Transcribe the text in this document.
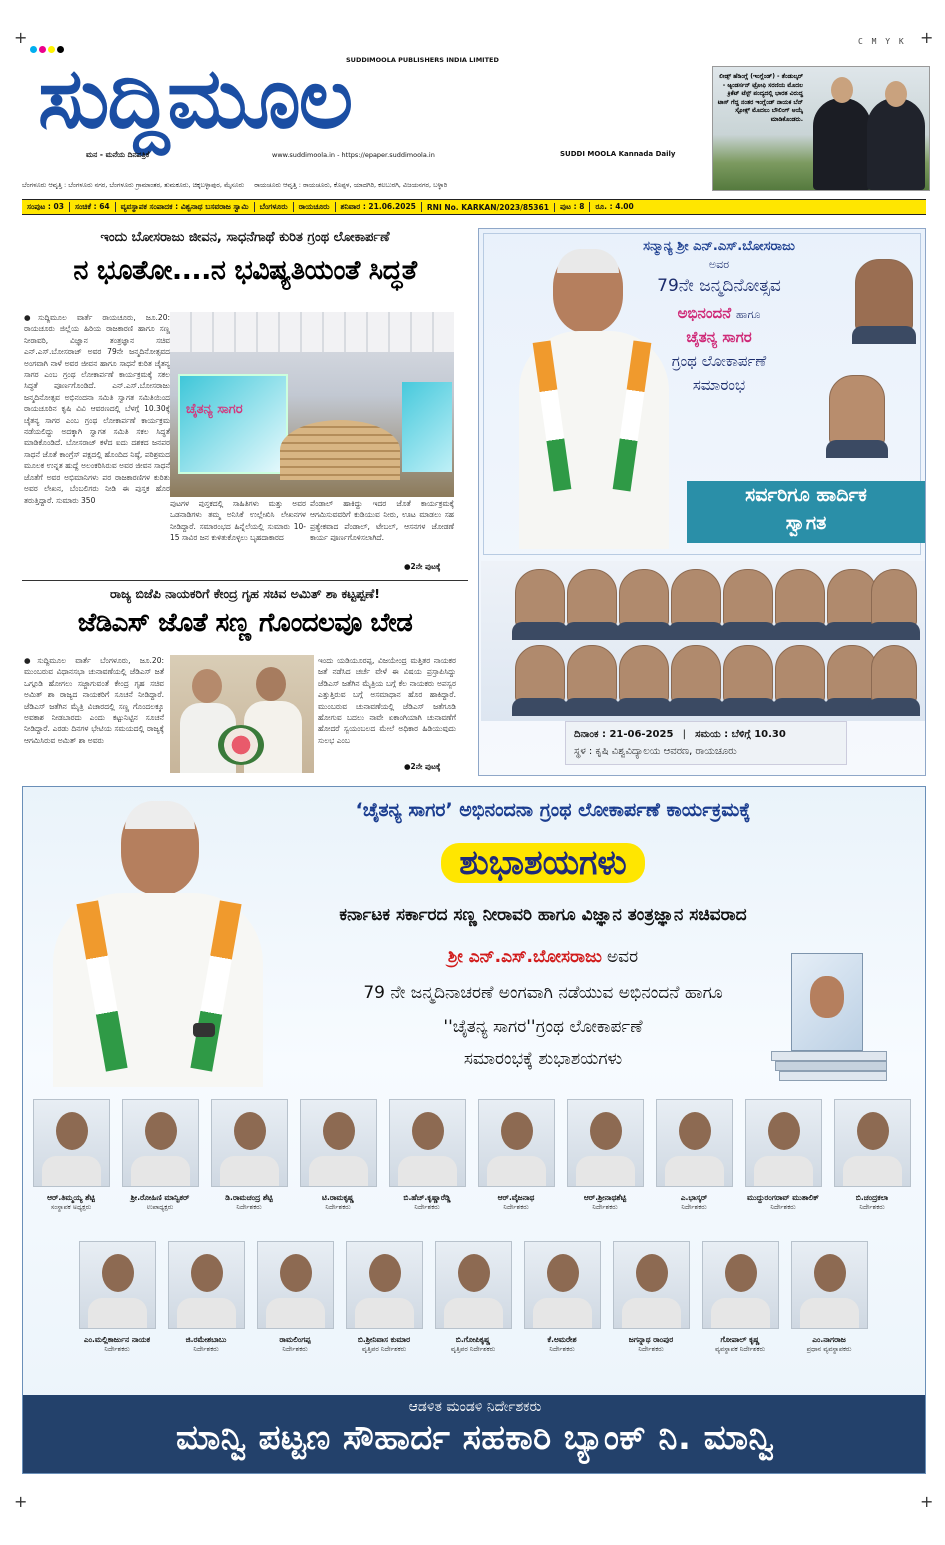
+	+
+	+
C M Y K
SUDDIMOOLA PUBLISHERS INDIA LIMITED
ಸುದ್ದಿಮೂಲ
ಮನ - ಮನೆಯ ದಿನಪತ್ರಿಕೆ	www.suddimoola.in - https://epaper.suddimoola.in	SUDDI MOOLA Kannada Daily
ಲೀಡ್ಸ್ ಹೆಡಿಂಗ್ಲೆ (ಇಂಗ್ಲೆಂಡ್) - ತೆಂಡುಲ್ಕರ್ - ಆ್ಯಂಡರ್ಸನ್ ಟ್ರೋಫಿ ಸರಣಿಯ ಮೊದಲ ಕ್ರಿಕೆಟ್ ಟೆಸ್ಟ್ ಪಂದ್ಯದಲ್ಲಿ ಭಾರತ ವಿರುದ್ಧ ಟಾಸ್ ಗೆದ್ದ ನಂತರ ಇಂಗ್ಲೆಂಡ್ ನಾಯಕ ಬೆನ್ ಸ್ಟೋಕ್ಸ್ ಮೊದಲು ಬೌಲಿಂಗ್ ಆಯ್ಕೆ ಮಾಡಿಕೊಂಡರು.
ಬೆಂಗಳೂರು ಆವೃತ್ತಿ : ಬೆಂಗಳೂರು ನಗರ, ಬೆಂಗಳೂರು ಗ್ರಾಮಾಂತರ, ತುಮಕೂರು, ಚಿಕ್ಕಬಳ್ಳಾಪುರ, ಮೈಸೂರು ರಾಯಚೂರು ಆವೃತ್ತಿ : ರಾಯಚೂರು, ಕೊಪ್ಪಳ, ಯಾದಗಿರಿ, ಕಲಬುರಗಿ, ವಿಜಯನಗರ, ಬಳ್ಳಾರಿ
ಸಂಪುಟ : 03	ಸಂಚಿಕೆ : 64	ವ್ಯವಸ್ಥಾಪಕ ಸಂಪಾದಕ : ವಿಶ್ವನಾಥ ಬಸವರಾಜ ಸ್ವಾಮಿ	ಬೆಂಗಳೂರು	ರಾಯಚೂರು	ಶನಿವಾರ : 21.06.2025	RNI No. KARKAN/2023/85361	ಪುಟ : 8	ರೂ. : 4.00
ಇಂದು ಬೋಸರಾಜು ಜೀವನ, ಸಾಧನೆಗಾಥೆ ಕುರಿತ ಗ್ರಂಥ ಲೋಕಾರ್ಪಣೆ
ನ ಭೂತೋ....ನ ಭವಿಷ್ಯತಿಯಂತೆ ಸಿದ್ಧತೆ
●ಸುದ್ದಿಮೂಲ ವಾರ್ತೆ ರಾಯಚೂರು, ಜೂ.20: ರಾಯಚೂರು ಜಿಲ್ಲೆಯ ಹಿರಿಯ ರಾಜಕಾರಣಿ ಹಾಗೂ ಸಣ್ಣ ನೀರಾವರಿ, ವಿಜ್ಞಾನ ತಂತ್ರಜ್ಞಾನ ಸಚಿವ ಎನ್.ಎಸ್.ಬೋಸರಾಜ್ ಅವರ 79ನೇ ಜನ್ಮದಿನೋತ್ಸವದ ಅಂಗವಾಗಿ ನಾಳೆ ಅವರ ಜೀವನ ಹಾಗೂ ಸಾಧನೆ ಕುರಿತ ಚೈತನ್ಯ ಸಾಗರ ಎಂಬ ಗ್ರಂಥ ಲೋಕಾರ್ಪಣೆ ಕಾರ್ಯಕ್ರಮಕ್ಕೆ ಸಕಲ ಸಿದ್ಧತೆ ಪೂರ್ಣಗೊಂಡಿದೆ. ಎನ್.ಎಸ್.ಬೋಸರಾಜು ಜನ್ಮದಿನೋತ್ಸವ ಅಭಿನಂದನಾ ಸಮಿತಿ ಸ್ವಾಗತ ಸಮಿತಿಯಿಂದ ರಾಯಚೂರಿನ ಕೃಷಿ ವಿವಿ ಆವರಣದಲ್ಲಿ ಬೆಳಗ್ಗೆ 10.30ಕ್ಕೆ ಚೈತನ್ಯ ಸಾಗರ ಎಂಬ ಗ್ರಂಥ ಲೋಕಾರ್ಪಣೆ ಕಾರ್ಯಕ್ರಮ ನಡೆಯಲಿದ್ದು ಅದಕ್ಕಾಗಿ ಸ್ವಾಗತ ಸಮಿತಿ ಸಕಲ ಸಿದ್ಧತೆ ಮಾಡಿಕೊಂಡಿದೆ. ಬೋಸರಾಜ್ ಕಳೆದ ಐದು ದಶಕದ ಜನಪರ ಸಾಧನೆ ಜೊತೆ ಕಾಂಗ್ರೆಸ್ ಪಕ್ಷದಲ್ಲಿ ಹೊಂದಿದ ನಿಷ್ಠೆ, ಪರಿಶ್ರಮದ ಮೂಲಕ ಉನ್ನತ ಹುದ್ದೆ ಅಲಂಕರಿಸಿರುವ ಅವರ ಜೀವನ ಸಾಧನೆ ಜೊತೆಗೆ ಅವರ ಅಭಿಮಾನಿಗಳು ಪರ ರಾಜಕಾರಣಿಗಳ ಕುರಿತು ಅವರ ಲೇಖನ, ಬೆಂಬಲಿಗರು ನೀಡಿ ಈ ಪುಸ್ತಕ ಹೊರ ತರುತ್ತಿದ್ದಾರೆ. ಸುಮಾರು 350
ಚೈತನ್ಯ ಸಾಗರ
ಪುಟಗಳ ಪುಸ್ತಕದಲ್ಲಿ ಸಾಹಿತಿಗಳು ಮತ್ತು ಅವರ ಒಡನಾಡಿಗಳು ತಮ್ಮ ಅನಿಸಿಕೆ ಉಲ್ಲೇಖಿಸಿ ಲೇಖನಗಳ ನೀಡಿದ್ದಾರೆ. ಸಮಾರಂಭದ ಹಿನ್ನೆಲೆಯಲ್ಲಿ ಸುಮಾರು 10-15 ಸಾವಿರ ಜನ ಕುಳಿತುಕೊಳ್ಳಲು ಬೃಹದಾಕಾರದ
ಪೆಂಡಾಲ್ ಹಾಕಿದ್ದು ಇದರ ಜೊತೆ ಕಾರ್ಯಕ್ರಮಕ್ಕೆ ಆಗಮಿಸುವವರಿಗೆ ಕುಡಿಯುವ ನೀರು, ಊಟ ಮಾಡಲು ಸಹ ಪ್ರತ್ಯೇಕವಾದ ಪೆಂಡಾಲ್, ಟೇಬಲ್, ಆಸನಗಳ ಜೋಡಣೆ ಕಾರ್ಯ ಪೂರ್ಣಗೊಳಿಸಲಾಗಿದೆ.
●2ನೇ ಪುಟಕ್ಕೆ
ರಾಜ್ಯ ಬಿಜೆಪಿ ನಾಯಕರಿಗೆ ಕೇಂದ್ರ ಗೃಹ ಸಚಿವ ಅಮಿತ್ ಶಾ ಕಟ್ಟಪ್ಪಣೆ!
ಜೆಡಿಎಸ್ ಜೊತೆ ಸಣ್ಣ ಗೊಂದಲವೂ ಬೇಡ
●ಸುದ್ದಿಮೂಲ ವಾರ್ತೆ ಬೆಂಗಳೂರು, ಜೂ.20: ಮುಂಬರುವ ವಿಧಾನಸಭಾ ಚುನಾವಣೆಯಲ್ಲಿ ಜೆಡಿಎಸ್ ಜತೆ ಒಗ್ಗೂಡಿ ಹೋಗಲು ಸಜ್ಜಾಗುವಂತೆ ಕೇಂದ್ರ ಗೃಹ ಸಚಿವ ಅಮಿತ್ ಶಾ ರಾಜ್ಯದ ನಾಯಕರಿಗೆ ಸೂಚನೆ ನೀಡಿದ್ದಾರೆ. ಜೆಡಿಎಸ್ ಜತೆಗಿನ ಮೈತ್ರಿ ವಿಚಾರದಲ್ಲಿ ಸಣ್ಣ ಗೊಂದಲಕ್ಕೂ ಅವಕಾಶ ನೀಡಬಾರದು ಎಂದು ಕಟ್ಟುನಿಟ್ಟಿನ ಸೂಚನೆ ನೀಡಿದ್ದಾರೆ. ಎರಡು ದಿನಗಳ ಭೇಟಿಯ ಸಮಯದಲ್ಲಿ ರಾಜ್ಯಕ್ಕೆ ಆಗಮಿಸಿರುವ ಅಮಿತ್ ಶಾ ಅವರು
ಇಂದು ಯಡಿಯೂರಪ್ಪ, ವಿಜಯೇಂದ್ರ ಮತ್ತಿತರ ನಾಯಕರ ಜತೆ ನಡೆಸಿದ ಚರ್ಚೆ ವೇಳೆ ಈ ವಿಷಯ ಪ್ರಸ್ತಾಪಿಸಿದ್ದು ಜೆಡಿಎಸ್ ಜತೆಗಿನ ಮೈತ್ರಿಯ ಬಗ್ಗೆ ಕೆಲ ನಾಯಕರು ಅಪಸ್ವರ ಎತ್ತುತ್ತಿರುವ ಬಗ್ಗೆ ಅಸಮಾಧಾನ ಹೊರ ಹಾಕಿದ್ದಾರೆ. ಮುಂಬರುವ ಚುನಾವಣೆಯಲ್ಲಿ ಜೆಡಿಎಸ್ ಜತೆಗೂಡಿ ಹೋಗುವ ಬದಲು ನಾವೇ ಏಕಾಂಗಿಯಾಗಿ ಚುನಾವಣೆಗೆ ಹೋದರೆ ಸ್ವಯಂಬಲದ ಮೇಲೆ ಅಧಿಕಾರ ಹಿಡಿಯುವುದು ಸುಲಭ ಎಂಬ
●2ನೇ ಪುಟಕ್ಕೆ
ಸನ್ಮಾನ್ಯ ಶ್ರೀ ಎನ್.ಎಸ್.ಬೋಸರಾಜು
ಅವರ
79ನೇ ಜನ್ಮದಿನೋತ್ಸವ
ಅಭಿನಂದನೆ ಹಾಗೂ
ಚೈತನ್ಯ ಸಾಗರ
ಗ್ರಂಥ ಲೋಕಾರ್ಪಣೆ
ಸಮಾರಂಭ
ಸರ್ವರಿಗೂ ಹಾರ್ದಿಕ
ಸ್ವಾಗತ
ದಿನಾಂಕ : 21-06-2025 | ಸಮಯ : ಬೆಳಿಗ್ಗೆ 10.30
ಸ್ಥಳ : ಕೃಷಿ ವಿಶ್ವವಿದ್ಯಾಲಯ ಆವರಣ, ರಾಯಚೂರು
‘ಚೈತನ್ಯ ಸಾಗರ’ ಅಭಿನಂದನಾ ಗ್ರಂಥ ಲೋಕಾರ್ಪಣೆ ಕಾರ್ಯಕ್ರಮಕ್ಕೆ
ಶುಭಾಶಯಗಳು
ಕರ್ನಾಟಕ ಸರ್ಕಾರದ ಸಣ್ಣ ನೀರಾವರಿ ಹಾಗೂ ವಿಜ್ಞಾನ ತಂತ್ರಜ್ಞಾನ ಸಚಿವರಾದ
ಶ್ರೀ ಎನ್.ಎಸ್.ಬೋಸರಾಜು ಅವರ
79 ನೇ ಜನ್ಮದಿನಾಚರಣೆ ಅಂಗವಾಗಿ ನಡೆಯುವ ಅಭಿನಂದನೆ ಹಾಗೂ
''ಚೈತನ್ಯ ಸಾಗರ''ಗ್ರಂಥ ಲೋಕಾರ್ಪಣೆ
ಸಮಾರಂಭಕ್ಕೆ ಶುಭಾಶಯಗಳು
ಆರ್.ತಿಮ್ಮಯ್ಯ ಶೆಟ್ಟಿ
ಸಂಸ್ಥಾಪಕ ಅಧ್ಯಕ್ಷರು
ಶ್ರೀ.ರೋಹಿಣಿ ಮಾನ್ವಿಕರ್
ಉಪಾಧ್ಯಕ್ಷರು
ಡಿ.ರಾಮಚಂದ್ರ ಶೆಟ್ಟಿ
ನಿರ್ದೇಶಕರು
ಟಿ.ರಾಮಕೃಷ್ಣ
ನಿರ್ದೇಶಕರು
ಬಿ.ಹೆಚ್.ಕೃಷ್ಣಾರೆಡ್ಡಿ
ನಿರ್ದೇಶಕರು
ಆರ್.ವೈಜನಾಥ
ನಿರ್ದೇಶಕರು
ಆರ್.ಶ್ರೀನಾಥಶೆಟ್ಟಿ
ನಿರ್ದೇಶಕರು
ಎ.ಭಾಸ್ಕರ್
ನಿರ್ದೇಶಕರು
ಮುದ್ದುರಂಗರಾವ್ ಮುತಾಲಿಕ್
ನಿರ್ದೇಶಕರು
ಬಿ.ಚಂದ್ರಕಲಾ
ನಿರ್ದೇಶಕರು
ಎಂ.ಮಲ್ಲಿಕಾರ್ಜುನ ನಾಯಕ
ನಿರ್ದೇಶಕರು
ಜಿ.ರಮೇಶಬಾಬು
ನಿರ್ದೇಶಕರು
ರಾಮಲಿಂಗಪ್ಪ
ನಿರ್ದೇಶಕರು
ಬಿ.ಶ್ರೀನಿವಾಸ ಕುಮಾರ
ವೃತ್ತಿಪರ ನಿರ್ದೇಶಕರು
ಬಿ.ಗೋಪಿಕೃಷ್ಣ
ವೃತ್ತಿಪರ ನಿರ್ದೇಶಕರು
ಕೆ.ಅಮರೇಶ
ನಿರ್ದೇಶಕರು
ಜಗನ್ನಾಥ ರಾಂಪುರ
ನಿರ್ದೇಶಕರು
ಗೋಪಾಲ್ ಕೃಷ್ಣ
ವ್ಯವಸ್ಥಾಪಕ ನಿರ್ದೇಶಕರು
ಎಂ.ನಾಗರಾಜ
ಪ್ರಧಾನ ವ್ಯವಸ್ಥಾಪಕರು
ಆಡಳಿತ ಮಂಡಳಿ ನಿರ್ದೇಶಕರು
ಮಾನ್ವಿ ಪಟ್ಟಣ ಸೌಹಾರ್ದ ಸಹಕಾರಿ ಬ್ಯಾಂಕ್ ನಿ. ಮಾನ್ವಿ
